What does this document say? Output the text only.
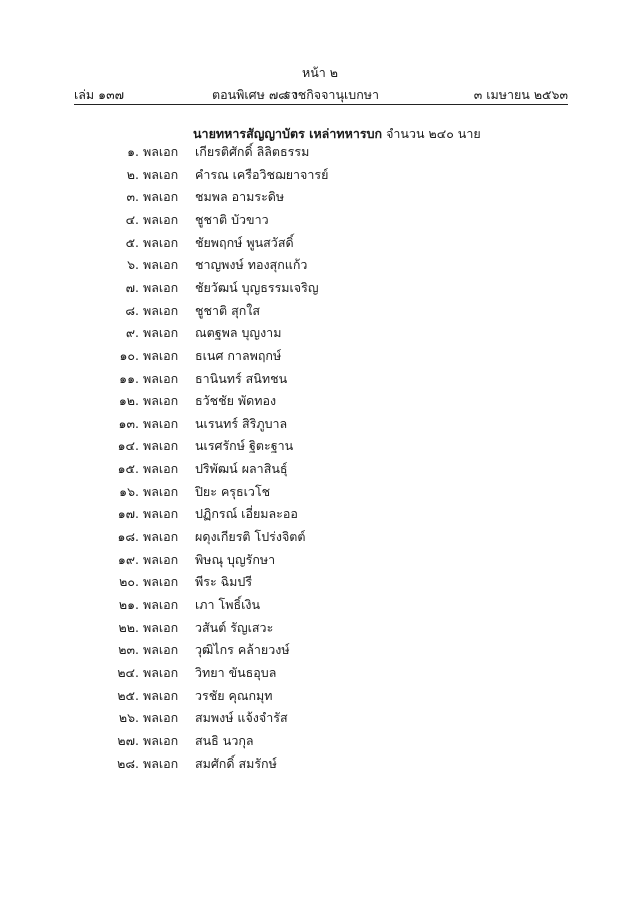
หน้า ๒
เล่ม ๑๓๗	ตอนพิเศษ ๗๘ ง
ราชกิจจานุเบกษา	๓ เมษายน ๒๕๖๓
นายทหารสัญญาบัตร เหล่าทหารบก จำนวน ๒๔๐ นาย
๑. พลเอก เกียรติศักดิ์ ลิลิตธรรม
๒. พลเอก คำรณ เครือวิชฌยาจารย์
๓. พลเอก ชมพล อามระดิษ
๔. พลเอก ชูชาติ บัวขาว
๕. พลเอก ชัยพฤกษ์ พูนสวัสดิ์
๖. พลเอก ชาญพงษ์ ทองสุกแก้ว
๗. พลเอก ชัยวัฒน์ บุญธรรมเจริญ
๘. พลเอก ชูชาติ สุกใส
๙. พลเอก ณตฐพล บุญงาม
๑๐. พลเอก ธเนศ กาลพฤกษ์
๑๑. พลเอก ธานินทร์ สนิทชน
๑๒. พลเอก ธวัชชัย พัดทอง
๑๓. พลเอก นเรนทร์ สิริภูบาล
๑๔. พลเอก นเรศรักษ์ ฐิตะฐาน
๑๕. พลเอก ปริพัฒน์ ผลาสินธุ์
๑๖. พลเอก ปิยะ ครุธเวโช
๑๗. พลเอก ปฏิกรณ์ เอี่ยมละออ
๑๘. พลเอก ผดุงเกียรติ โปร่งจิตต์
๑๙. พลเอก พิษณุ บุญรักษา
๒๐. พลเอก พีระ ฉิมปรี
๒๑. พลเอก เภา โพธิ์เงิน
๒๒. พลเอก วสันต์ รัญเสวะ
๒๓. พลเอก วุฒิไกร คล้ายวงษ์
๒๔. พลเอก วิทยา ขันธอุบล
๒๕. พลเอก วรชัย คุณกมุท
๒๖. พลเอก สมพงษ์ แจ้งจำรัส
๒๗. พลเอก สนธิ นวกุล
๒๘. พลเอก สมศักดิ์ สมรักษ์
